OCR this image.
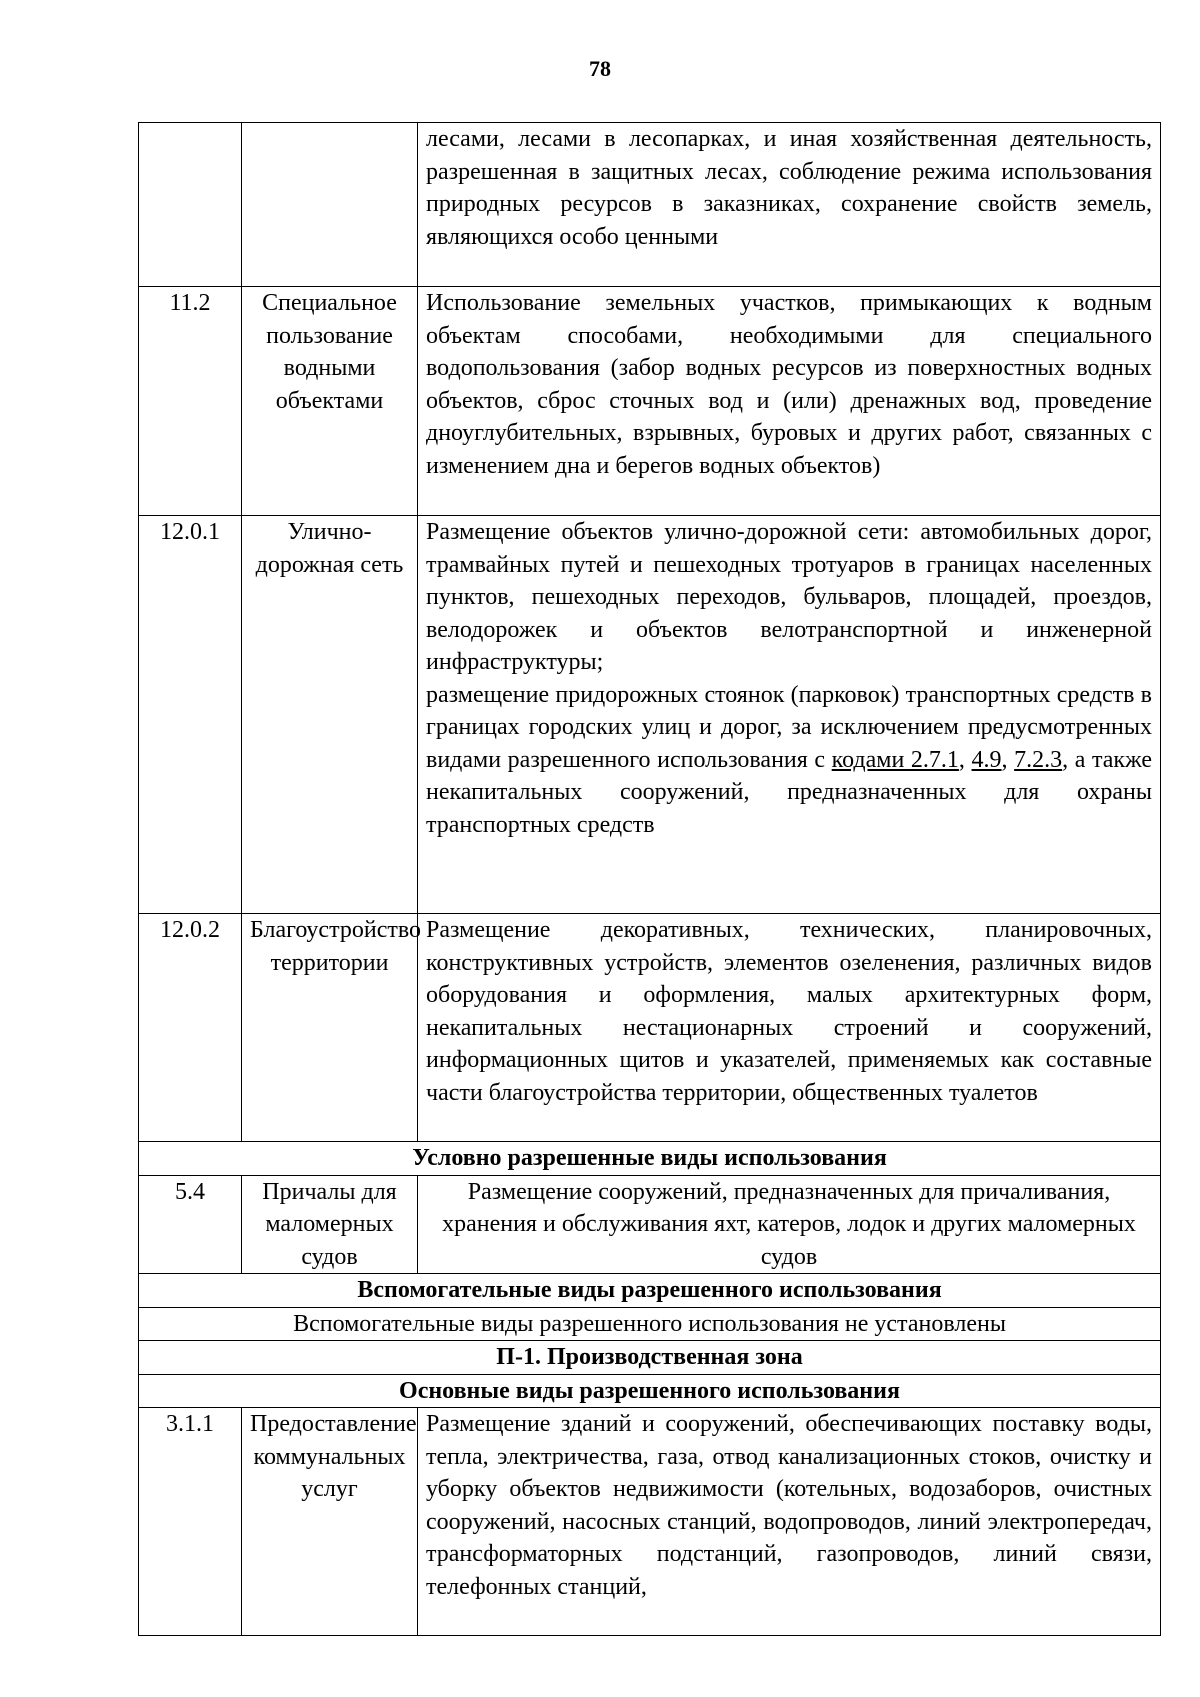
78
		лесами, лесами в лесопарках, и иная хозяйственная деятельность, разрешенная в защитных лесах, соблюдение режима использования природных ресурсов в заказниках, сохранение свойств земель, являющихся особо ценными
11.2	Специальное пользование водными объектами	Использование земельных участков, примыкающих к водным объектам способами, необходимыми для специального водопользования (забор водных ресурсов из поверхностных водных объектов, сброс сточных вод и (или) дренажных вод, проведение дноуглубительных, взрывных, буровых и других работ, связанных с изменением дна и берегов водных объектов)
12.0.1	Улично-дорожная сеть	Размещение объектов улично-дорожной сети: автомобильных дорог, трамвайных путей и пешеходных тротуаров в границах населенных пунктов, пешеходных переходов, бульваров, площадей, проездов, велодорожек и объектов велотранспортной и инженерной инфраструктуры;
размещение придорожных стоянок (парковок) транспортных средств в границах городских улиц и дорог, за исключением предусмотренных видами разрешенного использования с кодами 2.7.1, 4.9, 7.2.3, а также некапитальных сооружений, предназначенных для охраны транспортных средств

12.0.2	Благоустройство территории	Размещение декоративных, технических, планировочных, конструктивных устройств, элементов озеленения, различных видов оборудования и оформления, малых архитектурных форм, некапитальных нестационарных строений и сооружений, информационных щитов и указателей, применяемых как составные части благоустройства территории, общественных туалетов
Условно разрешенные виды использования		
5.4	Причалы для маломерных судов	Размещение сооружений, предназначенных для причаливания, хранения и обслуживания яхт, катеров, лодок и других маломерных судов
Вспомогательные виды разрешенного использования		
Вспомогательные виды разрешенного использования не установлены		
П-1. Производственная зона		
Основные виды разрешенного использования		
3.1.1	Предоставление коммунальных услуг	Размещение зданий и сооружений, обеспечивающих поставку воды, тепла, электричества, газа, отвод канализационных стоков, очистку и уборку объектов недвижимости (котельных, водозаборов, очистных сооружений, насосных станций, водопроводов, линий электропередач, трансформаторных подстанций, газопроводов, линий связи, телефонных станций,
